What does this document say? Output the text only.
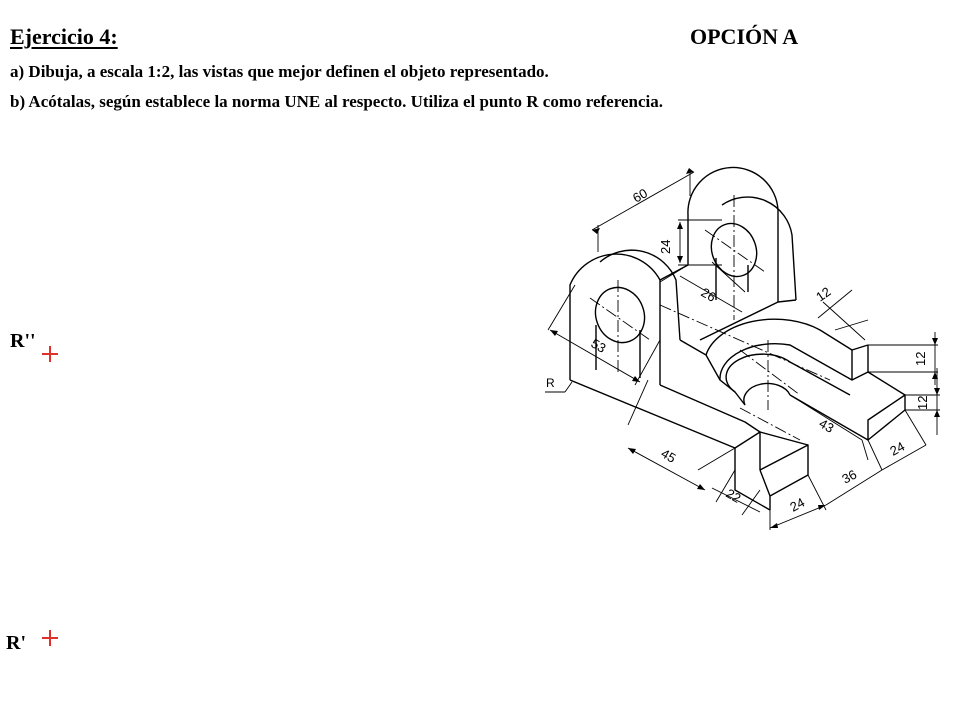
Ejercicio 4:	OPCIÓN A
a) Dibuja, a escala 1:2, las vistas que mejor definen el objeto representado.
b) Acótalas, según establece la norma UNE al respecto. Utiliza el punto R como referencia.
R''
R'
60
24
26	12
12
12
53
43
45
22	24
36
24
R
